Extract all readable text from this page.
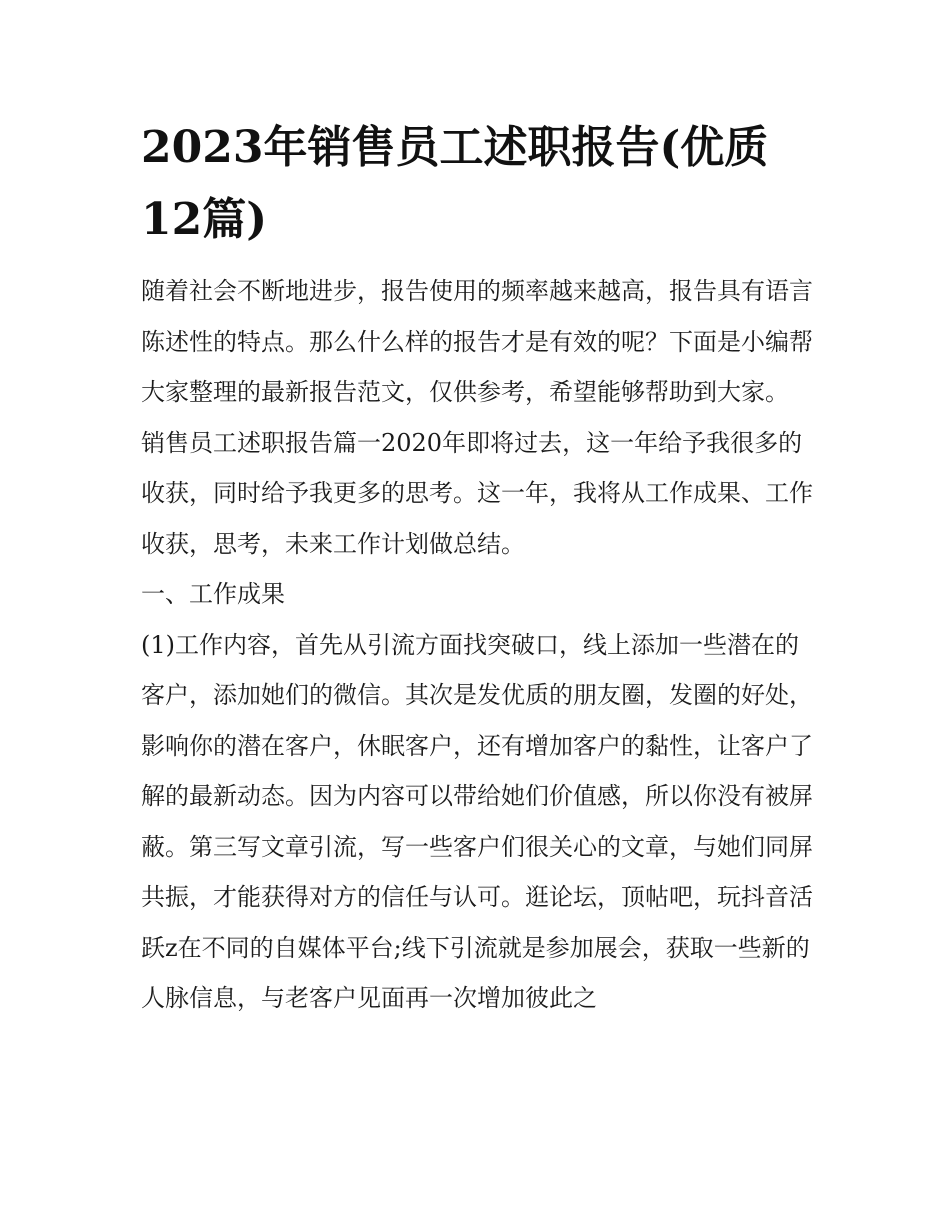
2023年销售员工述职报告(优质12篇)

随着社会不断地进步，报告使用的频率越来越高，报告具有语言陈述性的特点。那么什么样的报告才是有效的呢？下面是小编帮大家整理的最新报告范文，仅供参考，希望能够帮助到大家。

销售员工述职报告篇一2020年即将过去，这一年给予我很多的收获，同时给予我更多的思考。这一年，我将从工作成果、工作收获，思考，未来工作计划做总结。

一、工作成果

(1)工作内容，首先从引流方面找突破口，线上添加一些潜在的客户，添加她们的微信。其次是发优质的朋友圈，发圈的好处，影响你的潜在客户，休眠客户，还有增加客户的黏性，让客户了解的最新动态。因为内容可以带给她们价值感，所以你没有被屏蔽。第三写文章引流，写一些客户们很关心的文章，与她们同屏共振，才能获得对方的信任与认可。逛论坛，顶帖吧，玩抖音活跃z在不同的自媒体平台;线下引流就是参加展会，获取一些新的人脉信息，与老客户见面再一次增加彼此之
